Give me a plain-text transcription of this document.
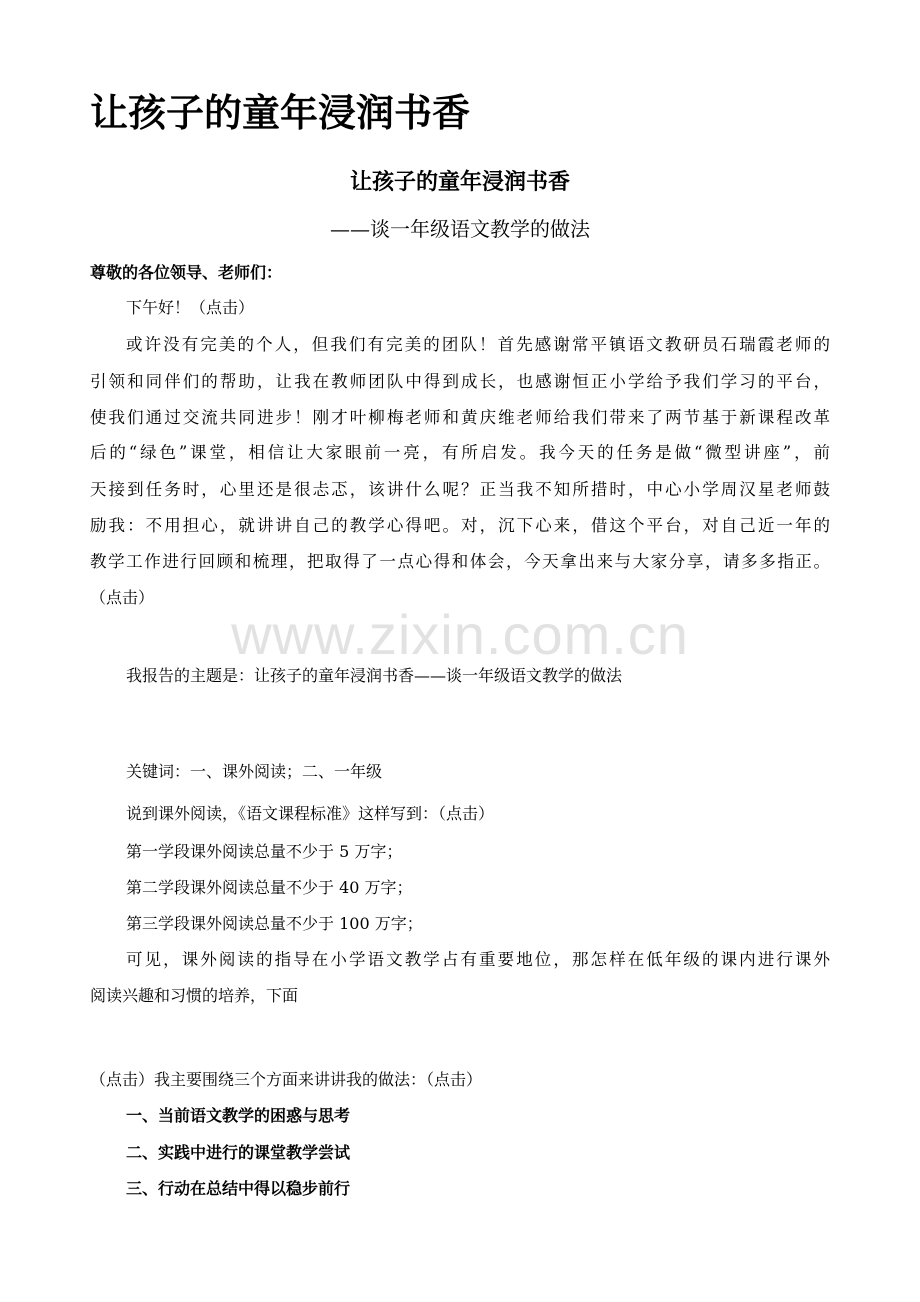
让孩子的童年浸润书香
让孩子的童年浸润书香
——谈一年级语文教学的做法
尊敬的各位领导、老师们：
下午好！（点击）
或许没有完美的个人，但我们有完美的团队！首先感谢常平镇语文教研员石瑞霞老师的
引领和同伴们的帮助，让我在教师团队中得到成长，也感谢恒正小学给予我们学习的平台，
使我们通过交流共同进步！刚才叶柳梅老师和黄庆维老师给我们带来了两节基于新课程改革
后的“绿色”课堂，相信让大家眼前一亮，有所启发。我今天的任务是做“微型讲座”，前
天接到任务时，心里还是很忐忑，该讲什么呢？正当我不知所措时，中心小学周汉星老师鼓
励我：不用担心，就讲讲自己的教学心得吧。对，沉下心来，借这个平台，对自己近一年的
教学工作进行回顾和梳理，把取得了一点心得和体会，今天拿出来与大家分享，请多多指正。
（点击）
www.zixin.com.cn
我报告的主题是：让孩子的童年浸润书香——谈一年级语文教学的做法
关键词：一、课外阅读；二、一年级
说到课外阅读，《语文课程标准》这样写到：（点击）
第一学段课外阅读总量不少于 5 万字；
第二学段课外阅读总量不少于 40 万字；
第三学段课外阅读总量不少于 100 万字；
可见，课外阅读的指导在小学语文教学占有重要地位，那怎样在低年级的课内进行课外
阅读兴趣和习惯的培养，下面
（点击）我主要围绕三个方面来讲讲我的做法：（点击）
一、当前语文教学的困惑与思考
二、实践中进行的课堂教学尝试
三、行动在总结中得以稳步前行
